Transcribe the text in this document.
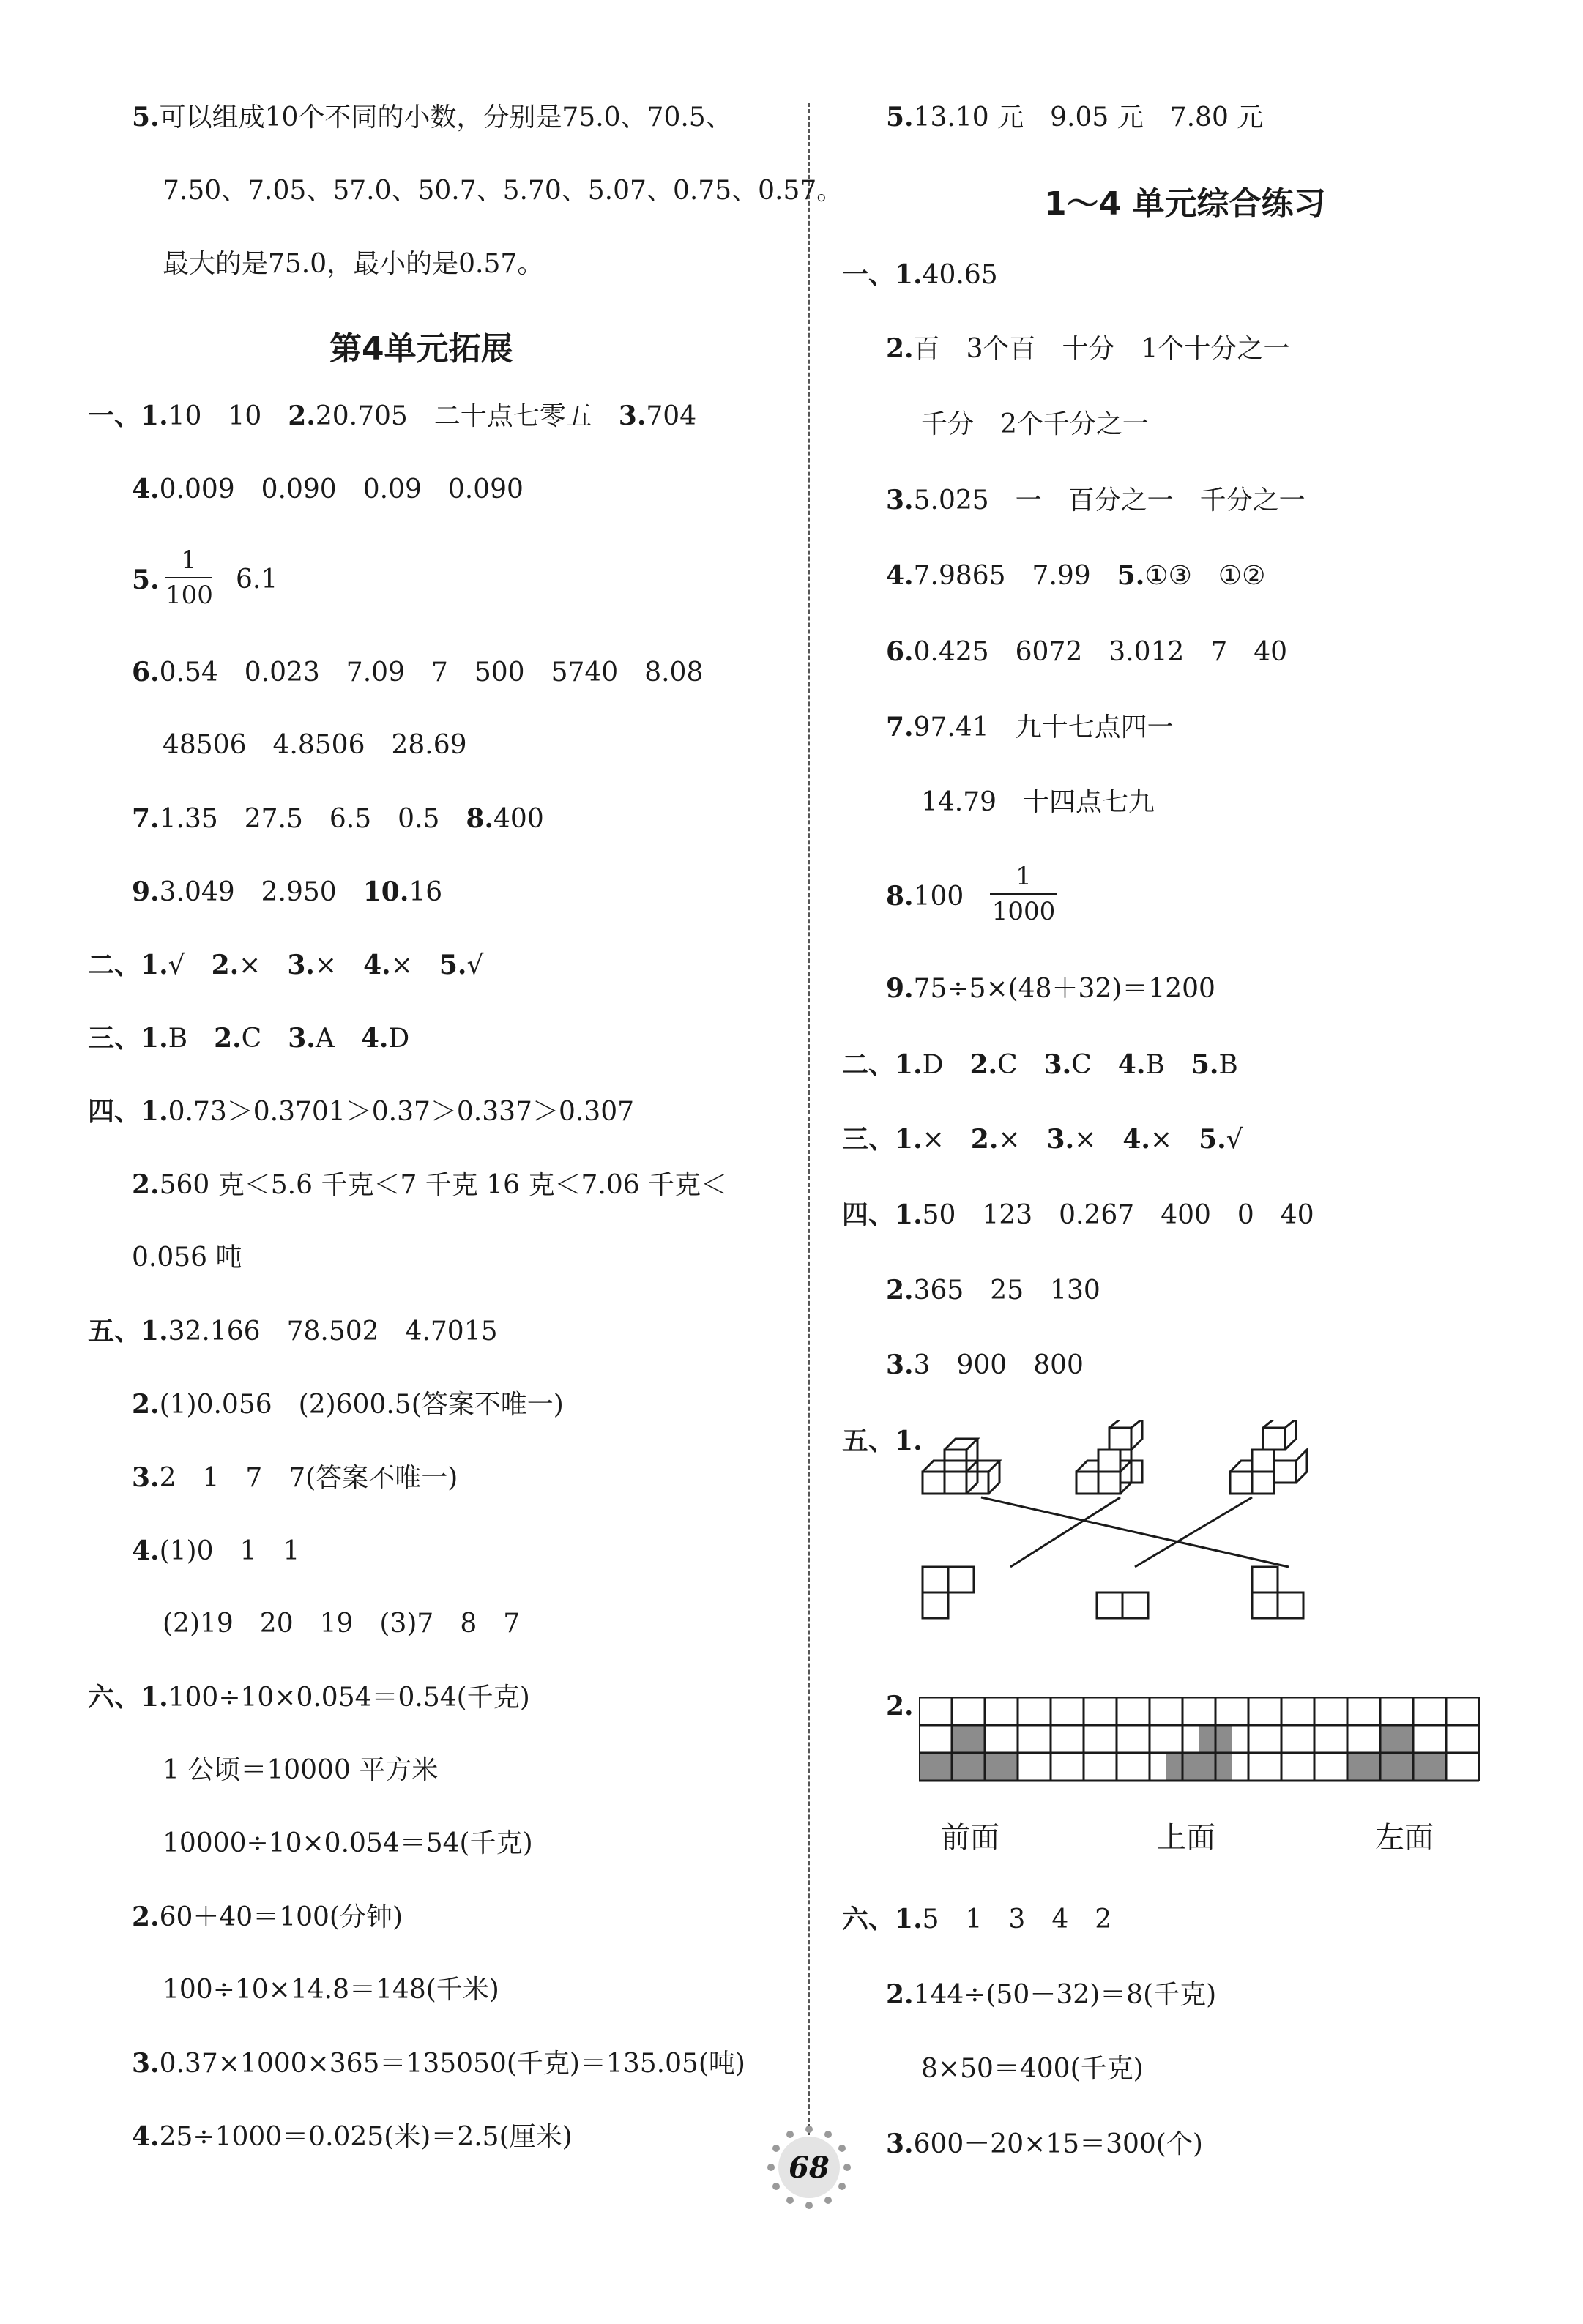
5.可以组成10个不同的小数，分别是75.0、70.5、
7.50、7.05、57.0、50.7、5.70、5.07、0.75、0.57。
最大的是75.0，最小的是0.57。
第4单元拓展
一、1.10　10　2.20.705　二十点七零五　3.704
4.0.009　0.090　0.09　0.090
5.
1
100
6.1
6.0.54　0.023　7.09　7　500　5740　8.08
48506　4.8506　28.69
7.1.35　27.5　6.5　0.5　8.400
9.3.049　2.950　10.16
二、1.√　2.×　3.×　4.×　5.√
三、1.B　2.C　3.A　4.D
四、1.0.73＞0.3701＞0.37＞0.337＞0.307
2.560 克＜5.6 千克＜7 千克 16 克＜7.06 千克＜
0.056 吨
五、1.32.166　78.502　4.7015
2.(1)0.056　(2)600.5(答案不唯一)
3.2　1　7　7(答案不唯一)
4.(1)0　1　1
(2)19　20　19　(3)7　8　7
六、1.100÷10×0.054＝0.54(千克)
1 公顷＝10000 平方米
10000÷10×0.054＝54(千克)
2.60＋40＝100(分钟)
100÷10×14.8＝148(千米)
3.0.37×1000×365＝135050(千克)＝135.05(吨)
4.25÷1000＝0.025(米)＝2.5(厘米)
5.13.10 元　9.05 元　7.80 元
1～4 单元综合练习
一、1.40.65
2.百　3个百　十分　1个十分之一
千分　2个千分之一
3.5.025　一　百分之一　千分之一
4.7.9865　7.99　5.①③　①②
6.0.425　6072　3.012　7　40
7.97.41　九十七点四一
14.79　十四点七九
8.100
1
1000
9.75÷5×(48＋32)＝1200
二、1.D　2.C　3.C　4.B　5.B
三、1.×　2.×　3.×　4.×　5.√
四、1.50　123　0.267　400　0　40
2.365　25　130
3.3　900　800
五、1.
2.
前面	上面	左面
六、1.5　1　3　4　2
2.144÷(50－32)＝8(千克)
8×50＝400(千克)
3.600－20×15＝300(个)
68
